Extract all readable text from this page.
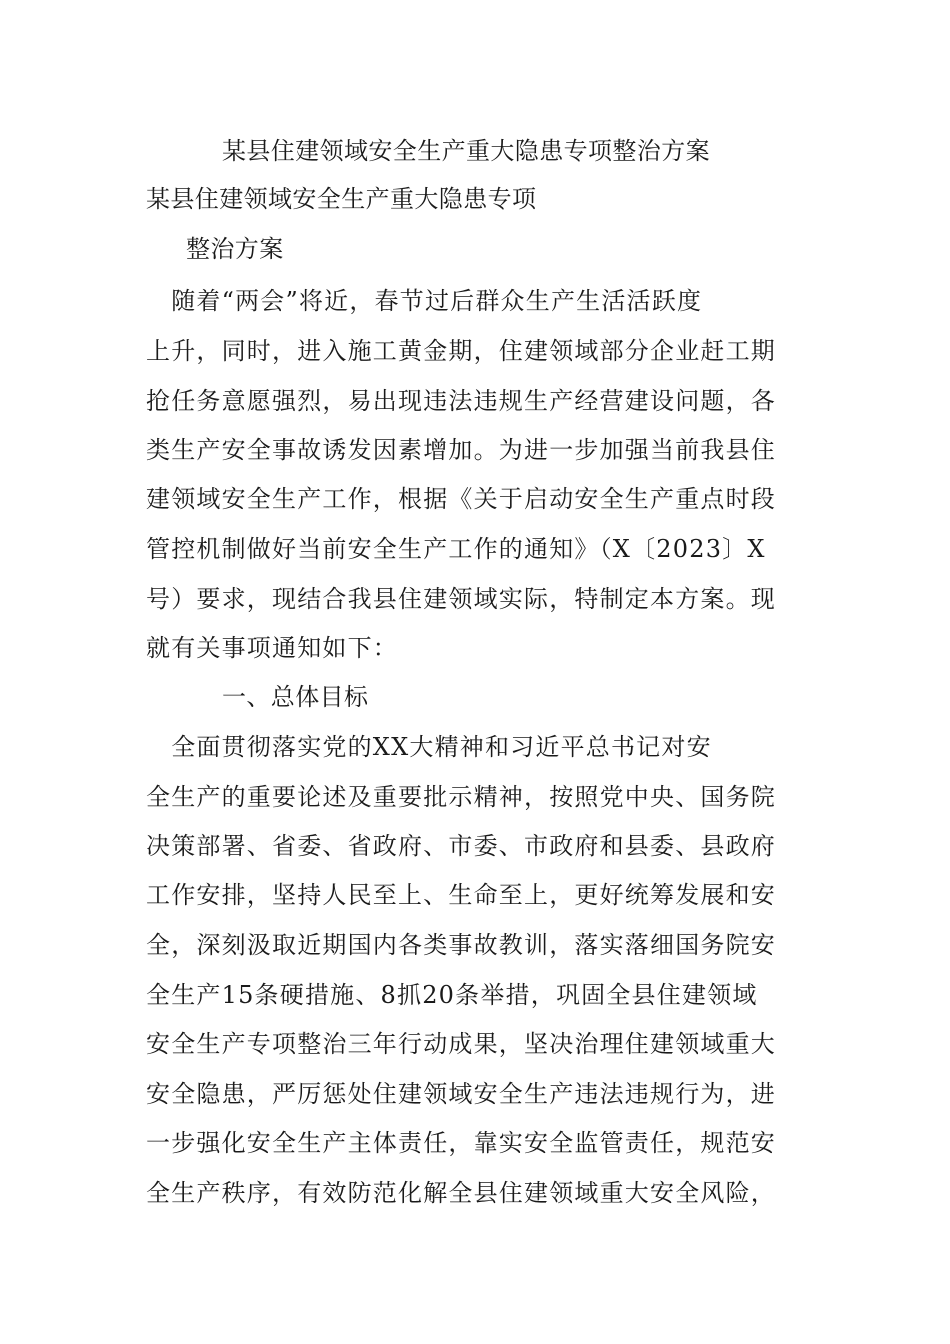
某县住建领域安全生产重大隐患专项整治方案
某县住建领域安全生产重大隐患专项
整治方案
　随着“两会”将近，春节过后群众生产生活活跃度
上升，同时，进入施工黄金期，住建领域部分企业赶工期
抢任务意愿强烈，易出现违法违规生产经营建设问题，各
类生产安全事故诱发因素增加。为进一步加强当前我县住
建领域安全生产工作，根据《关于启动安全生产重点时段
管控机制做好当前安全生产工作的通知》（X〔2023〕X
号）要求，现结合我县住建领域实际，特制定本方案。现
就有关事项通知如下：
一、总体目标
　全面贯彻落实党的XX大精神和习近平总书记对安
全生产的重要论述及重要批示精神，按照党中央、国务院
决策部署、省委、省政府、市委、市政府和县委、县政府
工作安排，坚持人民至上、生命至上，更好统筹发展和安
全，深刻汲取近期国内各类事故教训，落实落细国务院安
全生产15条硬措施、8抓20条举措，巩固全县住建领域
安全生产专项整治三年行动成果，坚决治理住建领域重大
安全隐患，严厉惩处住建领域安全生产违法违规行为，进
一步强化安全生产主体责任，靠实安全监管责任，规范安
全生产秩序，有效防范化解全县住建领域重大安全风险，
